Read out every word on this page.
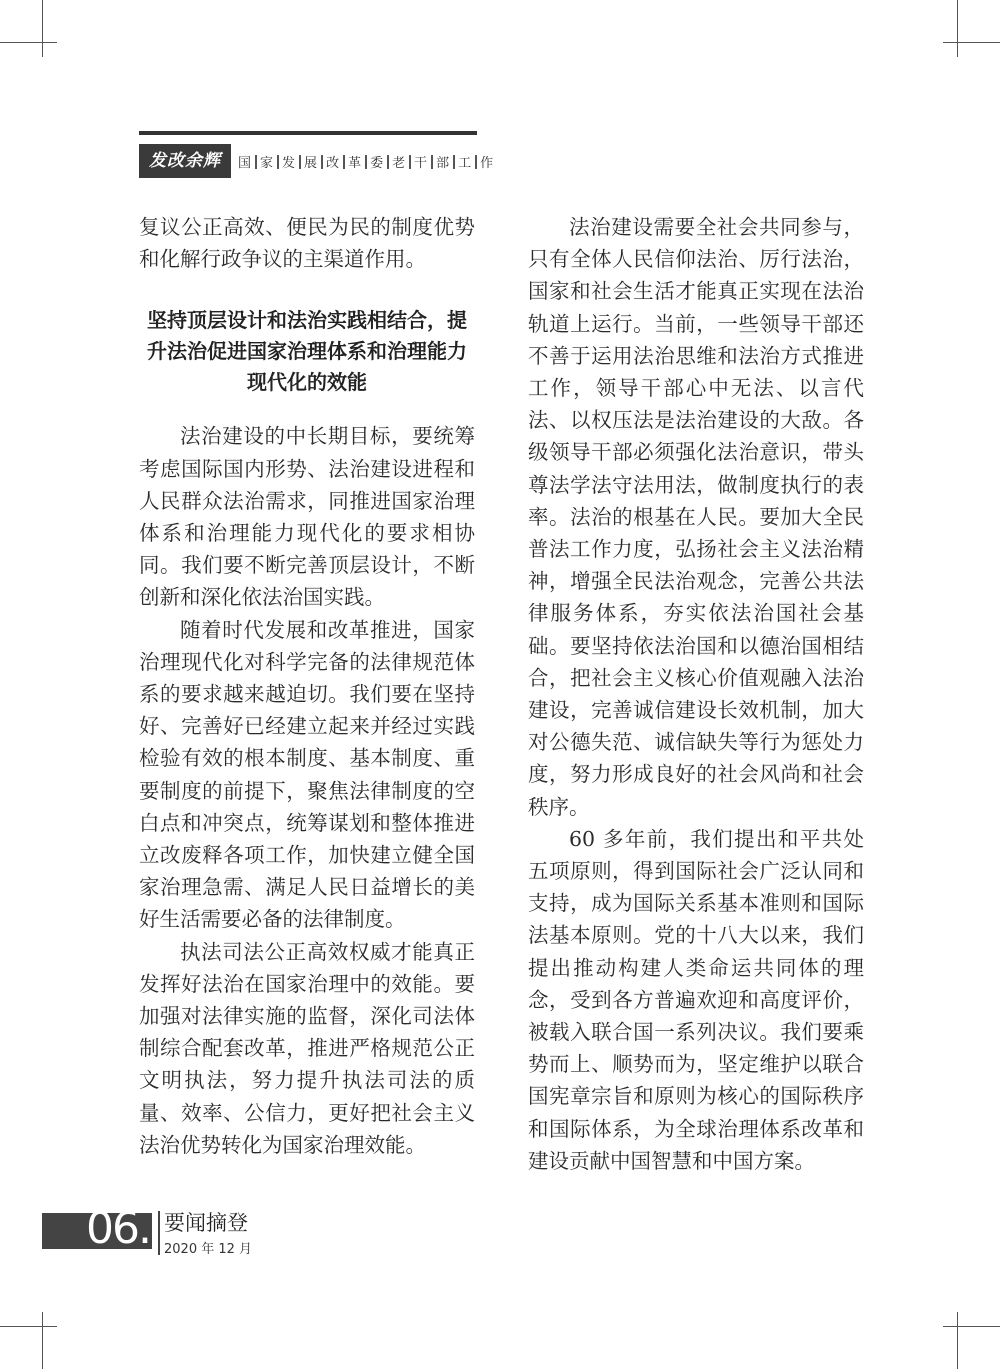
发改余辉	国 家 发 展 改 革 委 老 干 部 工 作

复议公正高效、便民为民的制度优势和化解行政争议的主渠道作用。

坚持顶层设计和法治实践相结合，提升法治促进国家治理体系和治理能力现代化的效能

法治建设的中长期目标，要统筹考虑国际国内形势、法治建设进程和人民群众法治需求，同推进国家治理体系和治理能力现代化的要求相协同。我们要不断完善顶层设计，不断创新和深化依法治国实践。

随着时代发展和改革推进，国家治理现代化对科学完备的法律规范体系的要求越来越迫切。我们要在坚持好、完善好已经建立起来并经过实践检验有效的根本制度、基本制度、重要制度的前提下，聚焦法律制度的空白点和冲突点，统筹谋划和整体推进立改废释各项工作，加快建立健全国家治理急需、满足人民日益增长的美好生活需要必备的法律制度。

执法司法公正高效权威才能真正发挥好法治在国家治理中的效能。要加强对法律实施的监督，深化司法体制综合配套改革，推进严格规范公正文明执法，努力提升执法司法的质量、效率、公信力，更好把社会主义法治优势转化为国家治理效能。

法治建设需要全社会共同参与，只有全体人民信仰法治、厉行法治，国家和社会生活才能真正实现在法治轨道上运行。当前，一些领导干部还不善于运用法治思维和法治方式推进工作，领导干部心中无法、以言代法、以权压法是法治建设的大敌。各级领导干部必须强化法治意识，带头尊法学法守法用法，做制度执行的表率。法治的根基在人民。要加大全民普法工作力度，弘扬社会主义法治精神，增强全民法治观念，完善公共法律服务体系，夯实依法治国社会基础。要坚持依法治国和以德治国相结合，把社会主义核心价值观融入法治建设，完善诚信建设长效机制，加大对公德失范、诚信缺失等行为惩处力度，努力形成良好的社会风尚和社会秩序。

60 多年前，我们提出和平共处五项原则，得到国际社会广泛认同和支持，成为国际关系基本准则和国际法基本原则。党的十八大以来，我们提出推动构建人类命运共同体的理念，受到各方普遍欢迎和高度评价，被载入联合国一系列决议。我们要乘势而上、顺势而为，坚定维护以联合国宪章宗旨和原则为核心的国际秩序和国际体系，为全球治理体系改革和建设贡献中国智慧和中国方案。

06. 要闻摘登
2020 年 12 月
